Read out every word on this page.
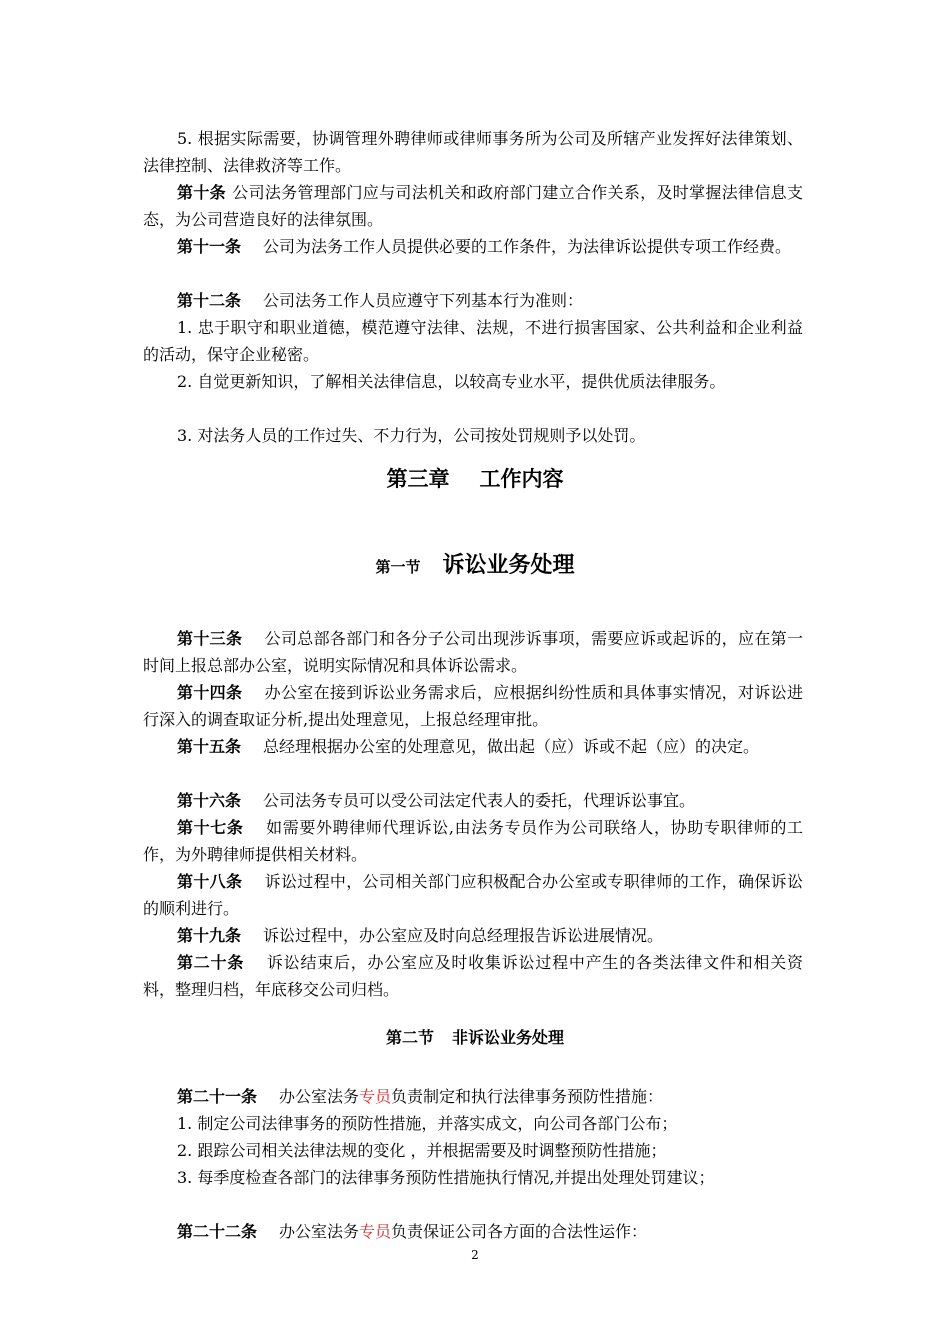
5. 根据实际需要，协调管理外聘律师或律师事务所为公司及所辖产业发挥好法律策划、法律控制、法律救济等工作。
第十条 公司法务管理部门应与司法机关和政府部门建立合作关系，及时掌握法律信息支态，为公司营造良好的法律氛围。
第十一条 公司为法务工作人员提供必要的工作条件，为法律诉讼提供专项工作经费。
第十二条 公司法务工作人员应遵守下列基本行为准则：
1. 忠于职守和职业道德，模范遵守法律、法规，不进行损害国家、公共利益和企业利益的活动，保守企业秘密。
2. 自觉更新知识，了解相关法律信息，以较高专业水平，提供优质法律服务。
3. 对法务人员的工作过失、不力行为，公司按处罚规则予以处罚。
第三章 工作内容
第一节 诉讼业务处理
第十三条 公司总部各部门和各分子公司出现涉诉事项，需要应诉或起诉的，应在第一时间上报总部办公室，说明实际情况和具体诉讼需求。
第十四条 办公室在接到诉讼业务需求后，应根据纠纷性质和具体事实情况，对诉讼进行深入的调查取证分析,提出处理意见，上报总经理审批。
第十五条 总经理根据办公室的处理意见，做出起（应）诉或不起（应）的决定。
第十六条 公司法务专员可以受公司法定代表人的委托，代理诉讼事宜。
第十七条 如需要外聘律师代理诉讼,由法务专员作为公司联络人，协助专职律师的工作，为外聘律师提供相关材料。
第十八条 诉讼过程中，公司相关部门应积极配合办公室或专职律师的工作，确保诉讼的顺利进行。
第十九条 诉讼过程中，办公室应及时向总经理报告诉讼进展情况。
第二十条 诉讼结束后，办公室应及时收集诉讼过程中产生的各类法律文件和相关资料，整理归档，年底移交公司归档。
第二节 非诉讼业务处理
第二十一条 办公室法务专员负责制定和执行法律事务预防性措施：
1. 制定公司法律事务的预防性措施，并落实成文，向公司各部门公布；
2. 跟踪公司相关法律法规的变化 ，并根据需要及时调整预防性措施；
3. 每季度检查各部门的法律事务预防性措施执行情况,并提出处理处罚建议；
第二十二条 办公室法务专员负责保证公司各方面的合法性运作：
2
